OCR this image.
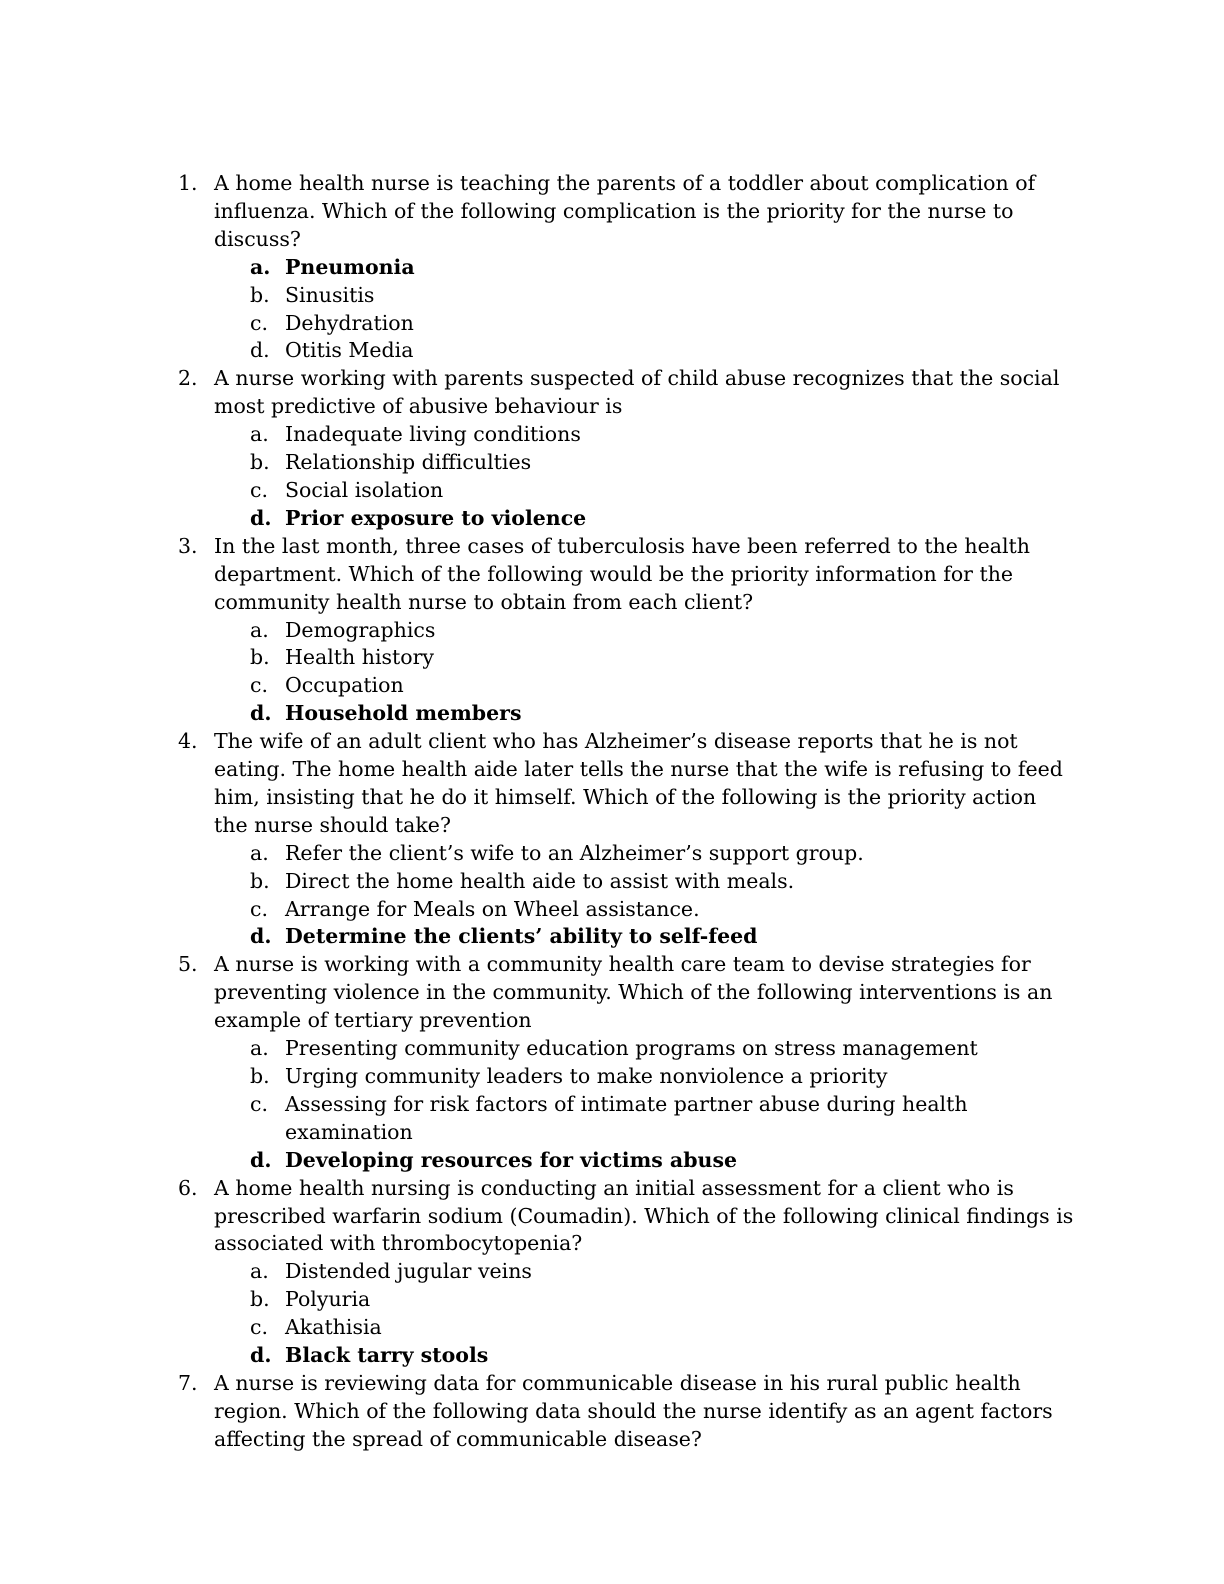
1. A home health nurse is teaching the parents of a toddler about complication of influenza. Which of the following complication is the priority for the nurse to discuss?
a. Pneumonia
b. Sinusitis
c. Dehydration
d. Otitis Media
2. A nurse working with parents suspected of child abuse recognizes that the social most predictive of abusive behaviour is
a. Inadequate living conditions
b. Relationship difficulties
c. Social isolation
d. Prior exposure to violence
3. In the last month, three cases of tuberculosis have been referred to the health department. Which of the following would be the priority information for the community health nurse to obtain from each client?
a. Demographics
b. Health history
c. Occupation
d. Household members
4. The wife of an adult client who has Alzheimer’s disease reports that he is not eating. The home health aide later tells the nurse that the wife is refusing to feed him, insisting that he do it himself. Which of the following is the priority action the nurse should take?
a. Refer the client’s wife to an Alzheimer’s support group.
b. Direct the home health aide to assist with meals.
c. Arrange for Meals on Wheel assistance.
d. Determine the clients’ ability to self-feed
5. A nurse is working with a community health care team to devise strategies for preventing violence in the community. Which of the following interventions is an example of tertiary prevention
a. Presenting community education programs on stress management
b. Urging community leaders to make nonviolence a priority
c. Assessing for risk factors of intimate partner abuse during health examination
d. Developing resources for victims abuse
6. A home health nursing is conducting an initial assessment for a client who is prescribed warfarin sodium (Coumadin). Which of the following clinical findings is associated with thrombocytopenia?
a. Distended jugular veins
b. Polyuria
c. Akathisia
d. Black tarry stools
7. A nurse is reviewing data for communicable disease in his rural public health region. Which of the following data should the nurse identify as an agent factors affecting the spread of communicable disease?
